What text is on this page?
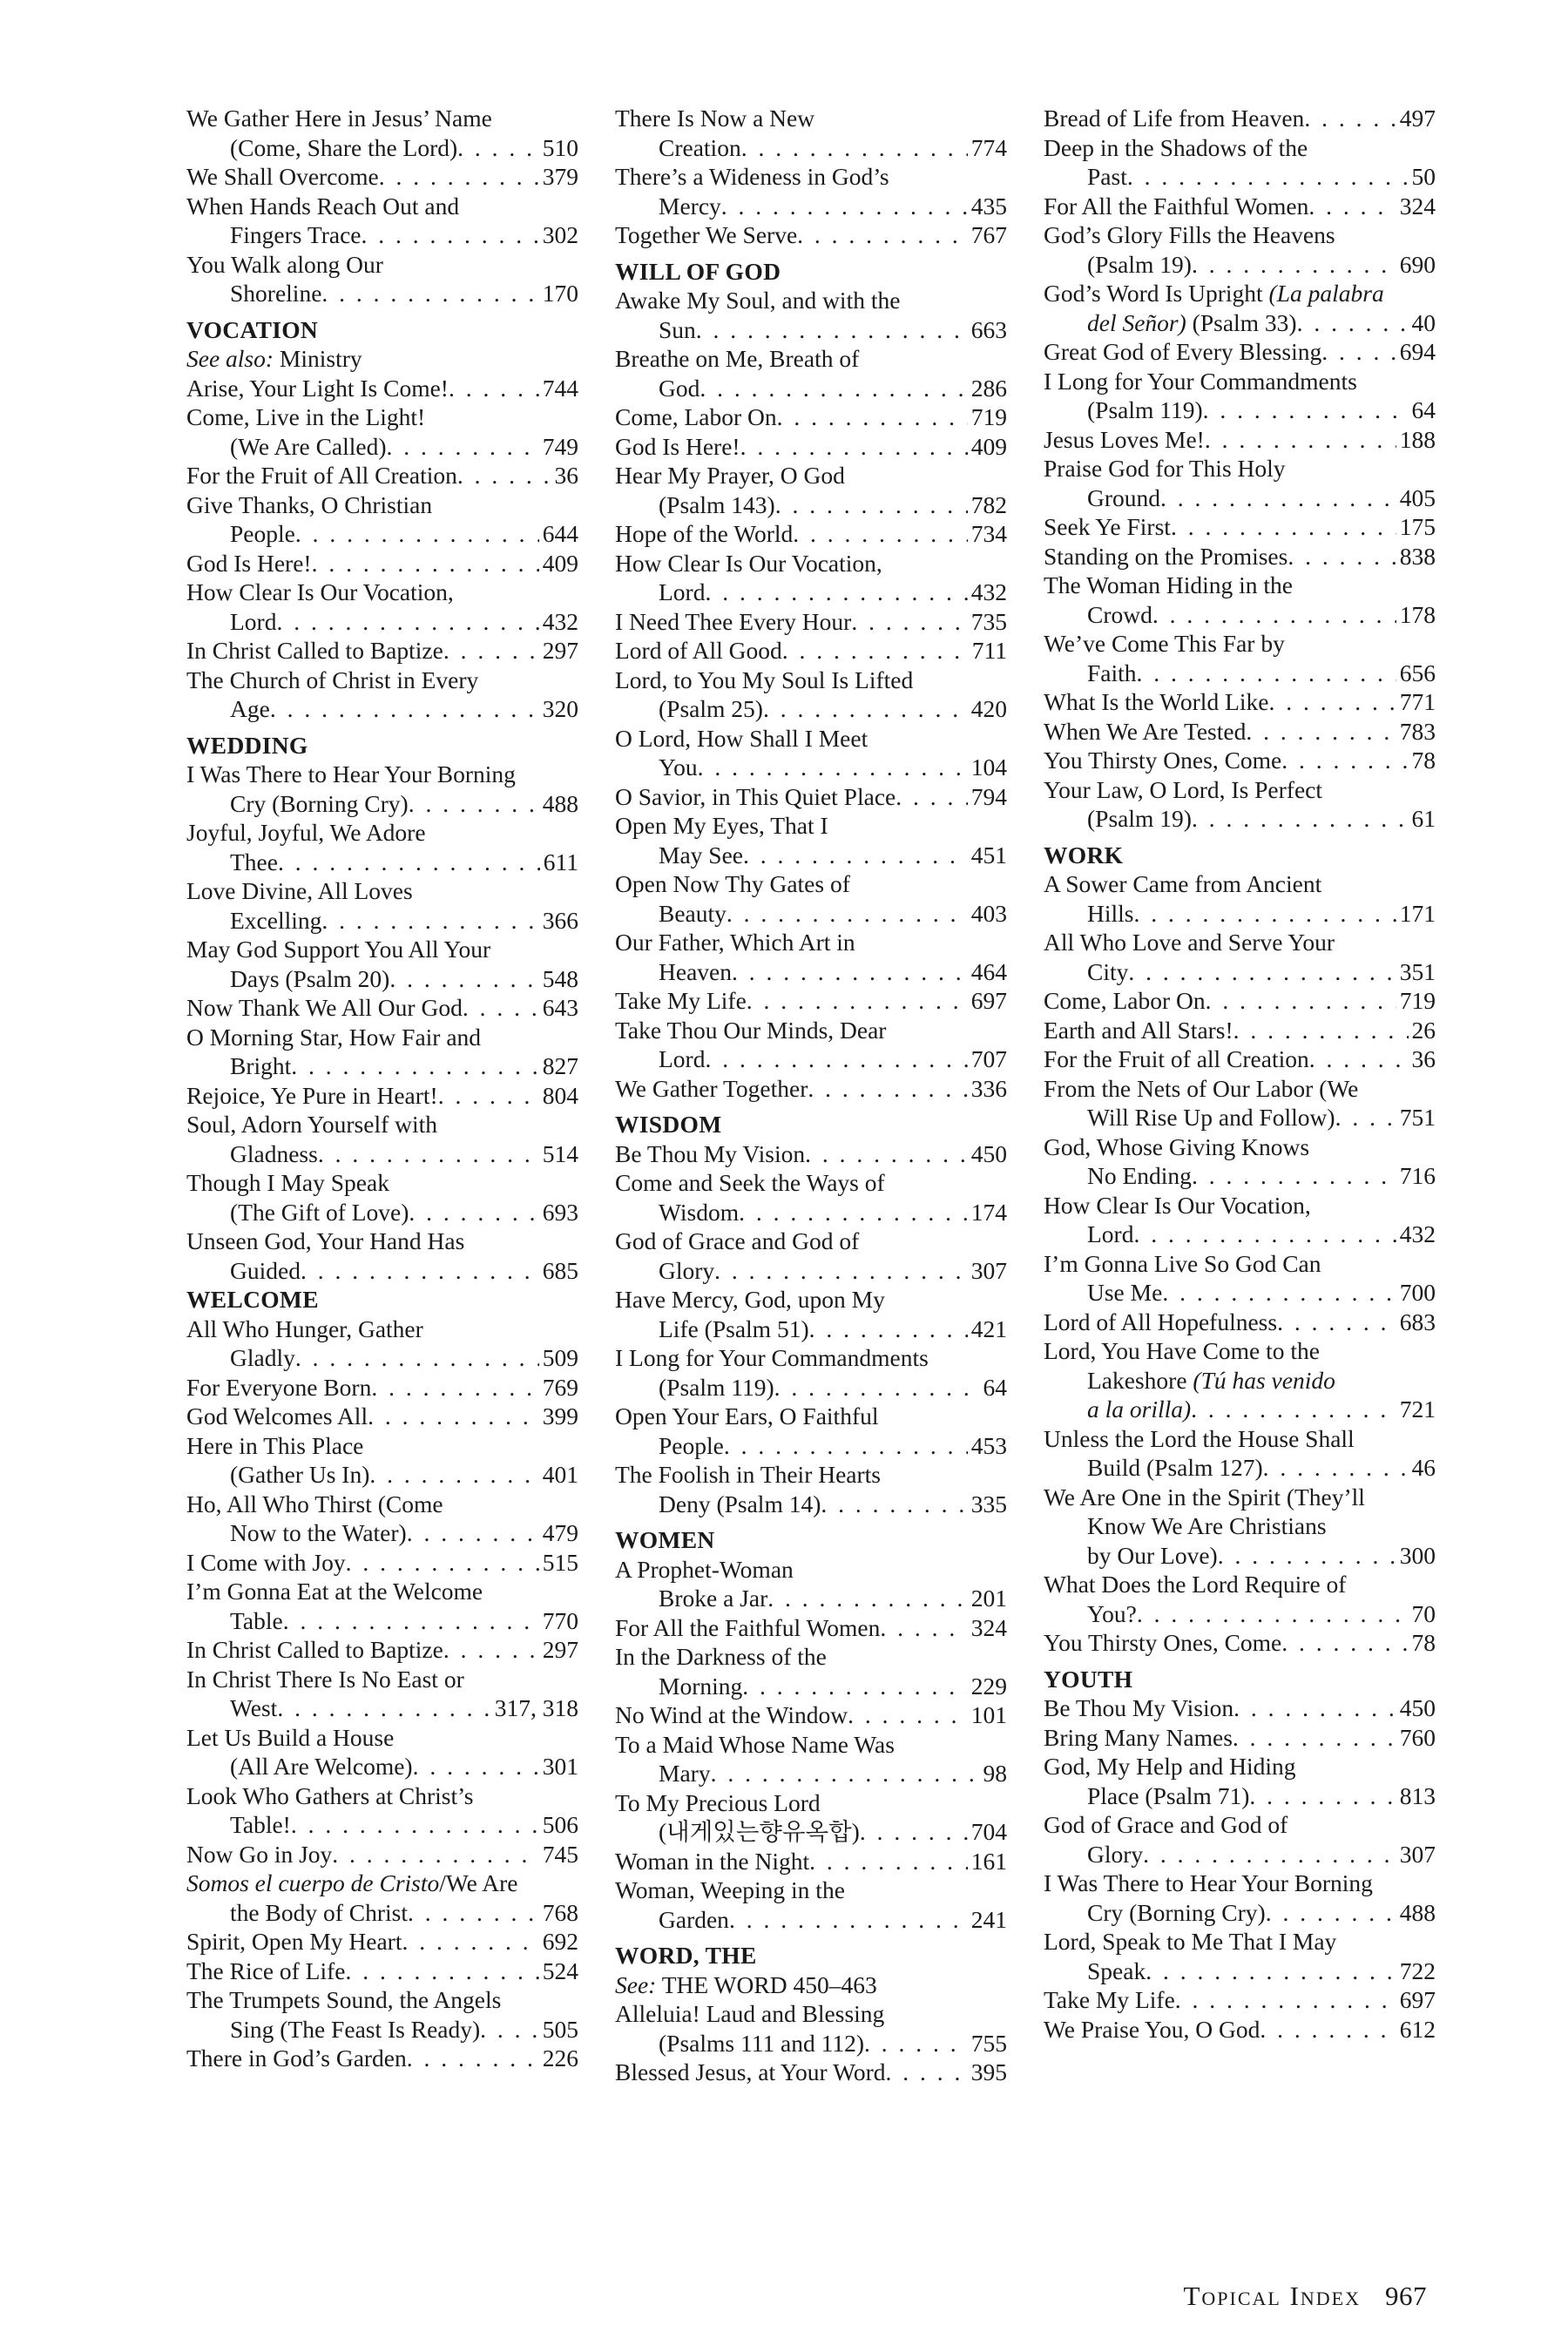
We Gather Here in Jesus’ Name
(Come, Share the Lord) . . .	510
We Shall Overcome . . .	379
When Hands Reach Out and
Fingers Trace . . .	302
You Walk along Our
Shoreline . . .	170
VOCATION
See also: Ministry
Arise, Your Light Is Come! . . .	744
Come, Live in the Light!
(We Are Called) . . .	749
For the Fruit of All Creation . . .	36
Give Thanks, O Christian
People . . .	644
God Is Here! . . .	409
How Clear Is Our Vocation,
Lord . . .	432
In Christ Called to Baptize . . .	297
The Church of Christ in Every
Age . . .	320
WEDDING
I Was There to Hear Your Borning
Cry (Borning Cry) . . .	488
Joyful, Joyful, We Adore
Thee . . .	611
Love Divine, All Loves
Excelling . . .	366
May God Support You All Your
Days (Psalm 20) . . .	548
Now Thank We All Our God . . .	643
O Morning Star, How Fair and
Bright . . .	827
Rejoice, Ye Pure in Heart! . . .	804
Soul, Adorn Yourself with
Gladness . . .	514
Though I May Speak
(The Gift of Love) . . .	693
Unseen God, Your Hand Has
Guided . . .	685
WELCOME
All Who Hunger, Gather
Gladly . . .	509
For Everyone Born . . .	769
God Welcomes All . . .	399
Here in This Place
(Gather Us In) . . .	401
Ho, All Who Thirst (Come
Now to the Water) . . .	479
I Come with Joy . . .	515
I’m Gonna Eat at the Welcome
Table . . .	770
In Christ Called to Baptize . . .	297
In Christ There Is No East or
West . . .	317, 318
Let Us Build a House
(All Are Welcome) . . .	301
Look Who Gathers at Christ’s
Table! . . .	506
Now Go in Joy . . .	745
Somos el cuerpo de Cristo/We Are
the Body of Christ . . .	768
Spirit, Open My Heart . . .	692
The Rice of Life . . .	524
The Trumpets Sound, the Angels
Sing (The Feast Is Ready) . . .	505
There in God’s Garden . . .	226
There Is Now a New
Creation . . .	774
There’s a Wideness in God’s
Mercy . . .	435
Together We Serve . . .	767
WILL OF GOD
Awake My Soul, and with the
Sun . . .	663
Breathe on Me, Breath of
God . . .	286
Come, Labor On . . .	719
God Is Here! . . .	409
Hear My Prayer, O God
(Psalm 143) . . .	782
Hope of the World . . .	734
How Clear Is Our Vocation,
Lord . . .	432
I Need Thee Every Hour . . .	735
Lord of All Good . . .	711
Lord, to You My Soul Is Lifted
(Psalm 25) . . .	420
O Lord, How Shall I Meet
You . . .	104
O Savior, in This Quiet Place . . .	794
Open My Eyes, That I
May See . . .	451
Open Now Thy Gates of
Beauty . . .	403
Our Father, Which Art in
Heaven . . .	464
Take My Life . . .	697
Take Thou Our Minds, Dear
Lord . . .	707
We Gather Together . . .	336
WISDOM
Be Thou My Vision . . .	450
Come and Seek the Ways of
Wisdom . . .	174
God of Grace and God of
Glory . . .	307
Have Mercy, God, upon My
Life (Psalm 51) . . .	421
I Long for Your Commandments
(Psalm 119) . . .	64
Open Your Ears, O Faithful
People . . .	453
The Foolish in Their Hearts
Deny (Psalm 14) . . .	335
WOMEN
A Prophet-Woman
Broke a Jar . . .	201
For All the Faithful Women . . .	324
In the Darkness of the
Morning . . .	229
No Wind at the Window . . .	101
To a Maid Whose Name Was
Mary . . .	98
To My Precious Lord
(내게있는향유옥합) . . .	704
Woman in the Night . . .	161
Woman, Weeping in the
Garden . . .	241
WORD, THE
See: THE WORD 450–463
Alleluia! Laud and Blessing
(Psalms 111 and 112) . . .	755
Blessed Jesus, at Your Word . . .	395
Bread of Life from Heaven . . .	497
Deep in the Shadows of the
Past . . .	50
For All the Faithful Women . . .	324
God’s Glory Fills the Heavens
(Psalm 19) . . .	690
God’s Word Is Upright (La palabra
del Señor) (Psalm 33) . . .	40
Great God of Every Blessing . . .	694
I Long for Your Commandments
(Psalm 119) . . .	64
Jesus Loves Me! . . .	188
Praise God for This Holy
Ground . . .	405
Seek Ye First . . .	175
Standing on the Promises . . .	838
The Woman Hiding in the
Crowd . . .	178
We’ve Come This Far by
Faith . . .	656
What Is the World Like . . .	771
When We Are Tested . . .	783
You Thirsty Ones, Come . . .	78
Your Law, O Lord, Is Perfect
(Psalm 19) . . .	61
WORK
A Sower Came from Ancient
Hills . . .	171
All Who Love and Serve Your
City . . .	351
Come, Labor On . . .	719
Earth and All Stars! . . .	26
For the Fruit of all Creation . . .	36
From the Nets of Our Labor (We
Will Rise Up and Follow) . . .	751
God, Whose Giving Knows
No Ending . . .	716
How Clear Is Our Vocation,
Lord . . .	432
I’m Gonna Live So God Can
Use Me . . .	700
Lord of All Hopefulness . . .	683
Lord, You Have Come to the
Lakeshore (Tú has venido
a la orilla) . . .	721
Unless the Lord the House Shall
Build (Psalm 127) . . .	46
We Are One in the Spirit (They’ll
Know We Are Christians
by Our Love) . . .	300
What Does the Lord Require of
You? . . .	70
You Thirsty Ones, Come . . .	78
YOUTH
Be Thou My Vision . . .	450
Bring Many Names . . .	760
God, My Help and Hiding
Place (Psalm 71) . . .	813
God of Grace and God of
Glory . . .	307
I Was There to Hear Your Borning
Cry (Borning Cry) . . .	488
Lord, Speak to Me That I May
Speak . . .	722
Take My Life . . .	697
We Praise You, O God . . .	612
Topical Index 967
